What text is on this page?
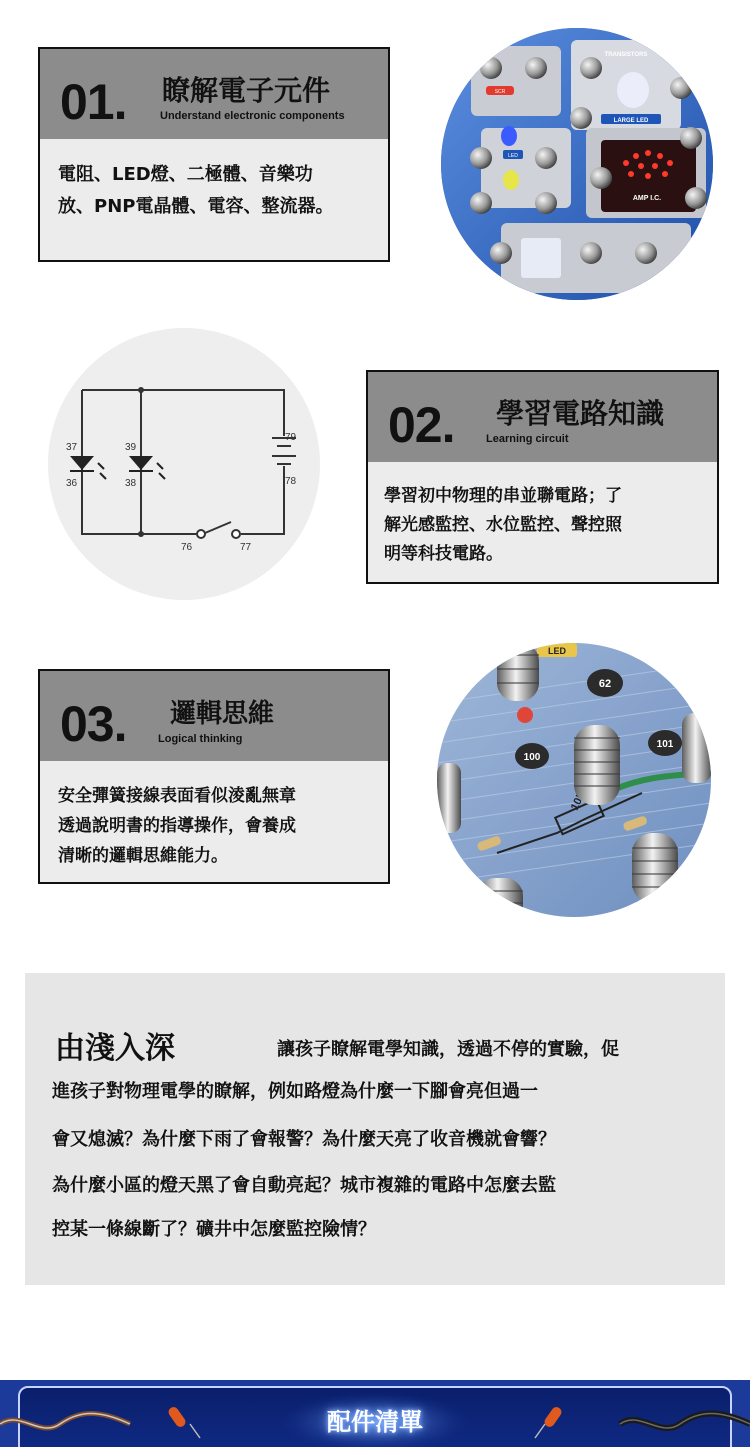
01. 瞭解電子元件
Understand electronic components
電阻、LED燈、二極體、音樂功
放、PNP電晶體、電容、整流器。	AMP I.C.
TRANSISTORS
LARGE LED
SCR
LED
37
36
39
38
79
78
76	77
02. 學習電路知識
Learning circuit
學習初中物理的串並聯電路；了
解光感監控、水位監控、聲控照
明等科技電路。
03. 邏輯思維
Logical thinking
安全彈簧接線表面看似淩亂無章
透過說明書的指導操作，會養成
清晰的邏輯思維能力。
LED
62
100
101
由淺入深	讓孩子瞭解電學知識，透過不停的實驗，促
進孩子對物理電學的瞭解，例如路燈為什麼一下腳會亮但過一
會又熄滅？為什麼下雨了會報警？為什麼天亮了收音機就會響？
為什麼小區的燈天黑了會自動亮起？城市複雜的電路中怎麼去監
控某一條線斷了？礦井中怎麼監控險情？
配件清單
